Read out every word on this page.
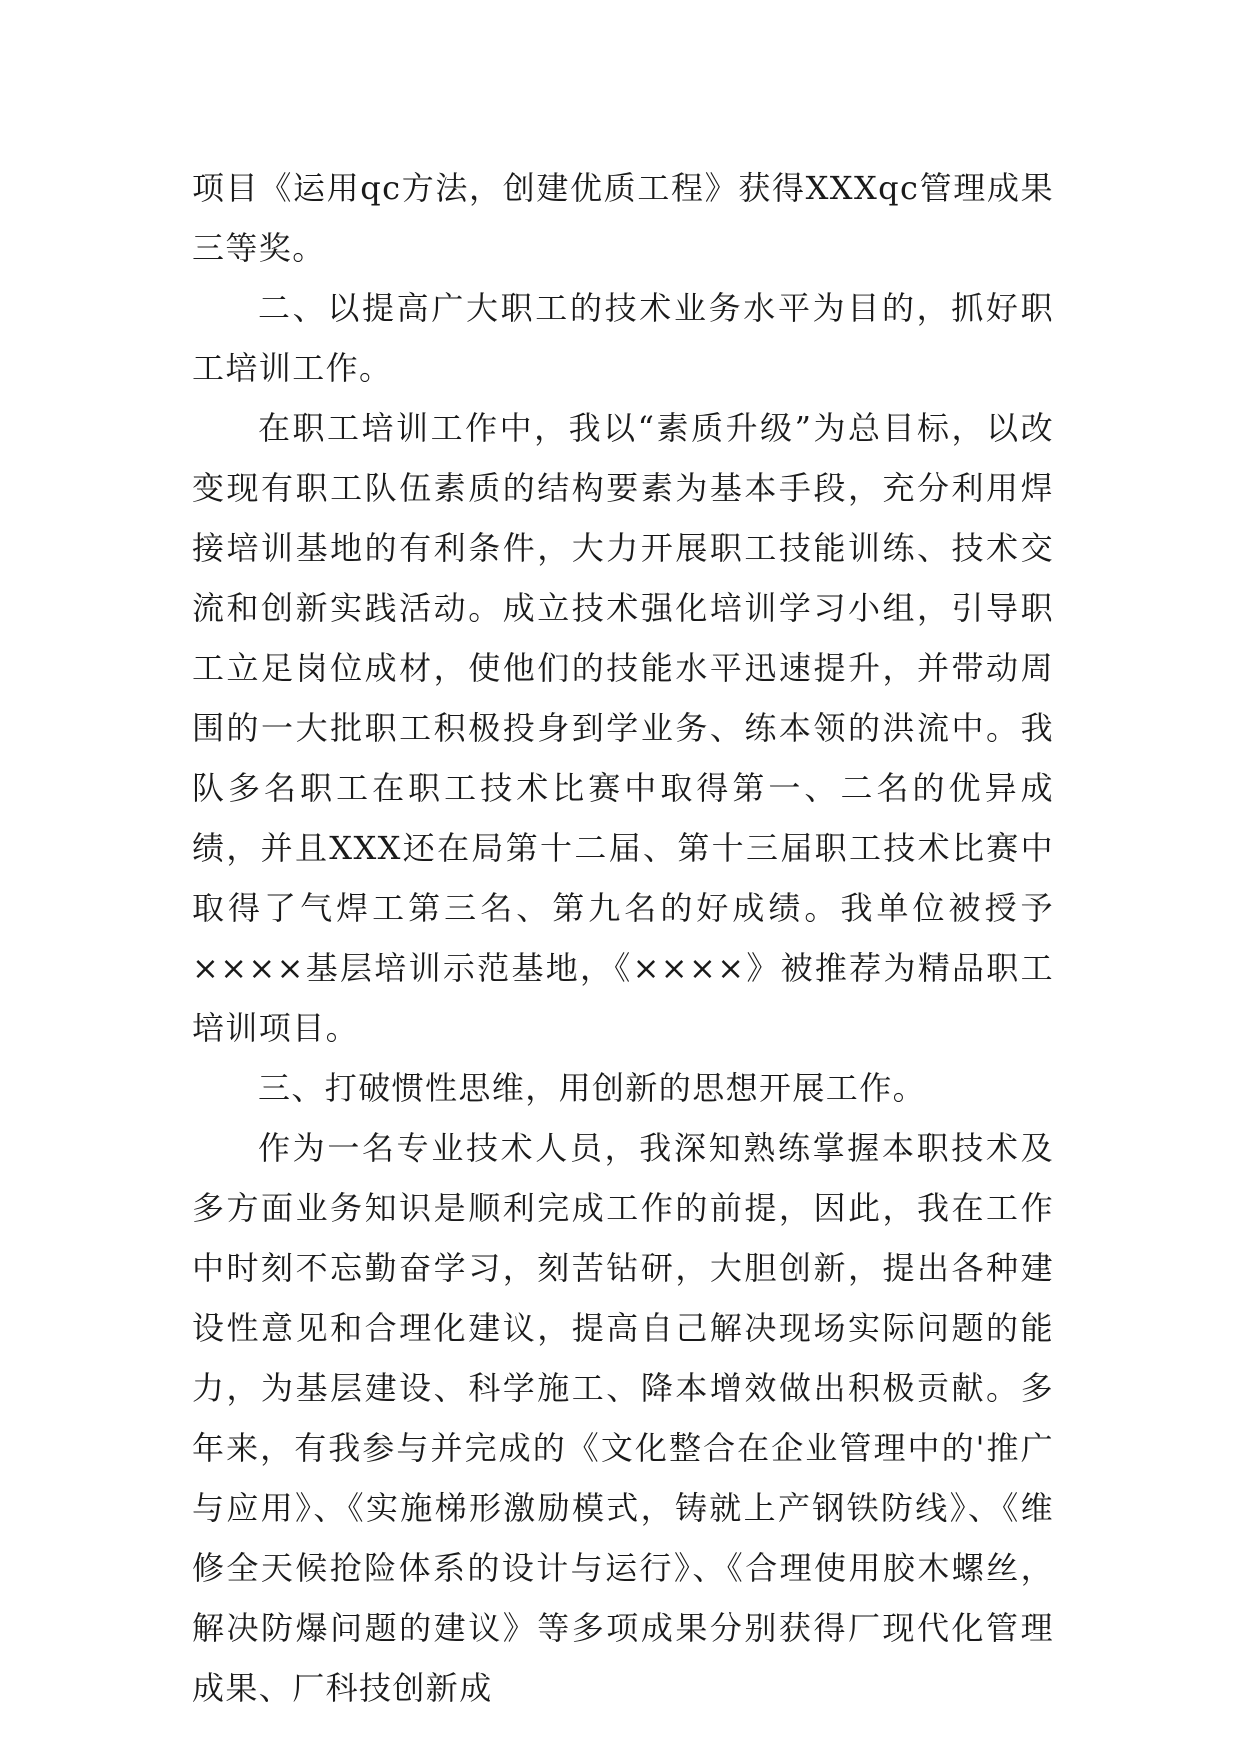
项目《运用qc方法，创建优质工程》获得XXXqc管理成果三等奖。

二、以提高广大职工的技术业务水平为目的，抓好职工培训工作。

在职工培训工作中，我以“素质升级”为总目标，以改变现有职工队伍素质的结构要素为基本手段，充分利用焊接培训基地的有利条件，大力开展职工技能训练、技术交流和创新实践活动。成立技术强化培训学习小组，引导职工立足岗位成材，使他们的技能水平迅速提升，并带动周围的一大批职工积极投身到学业务、练本领的洪流中。我队多名职工在职工技术比赛中取得第一、二名的优异成绩，并且XXX还在局第十二届、第十三届职工技术比赛中取得了气焊工第三名、第九名的好成绩。我单位被授予××××基层培训示范基地，《××××》被推荐为精品职工培训项目。

三、打破惯性思维，用创新的思想开展工作。

作为一名专业技术人员，我深知熟练掌握本职技术及多方面业务知识是顺利完成工作的前提，因此，我在工作中时刻不忘勤奋学习，刻苦钻研，大胆创新，提出各种建设性意见和合理化建议，提高自己解决现场实际问题的能力，为基层建设、科学施工、降本增效做出积极贡献。多年来，有我参与并完成的《文化整合在企业管理中的'推广与应用》、《实施梯形激励模式，铸就上产钢铁防线》、《维修全天候抢险体系的设计与运行》、《合理使用胶木螺丝，解决防爆问题的建议》等多项成果分别获得厂现代化管理成果、厂科技创新成
